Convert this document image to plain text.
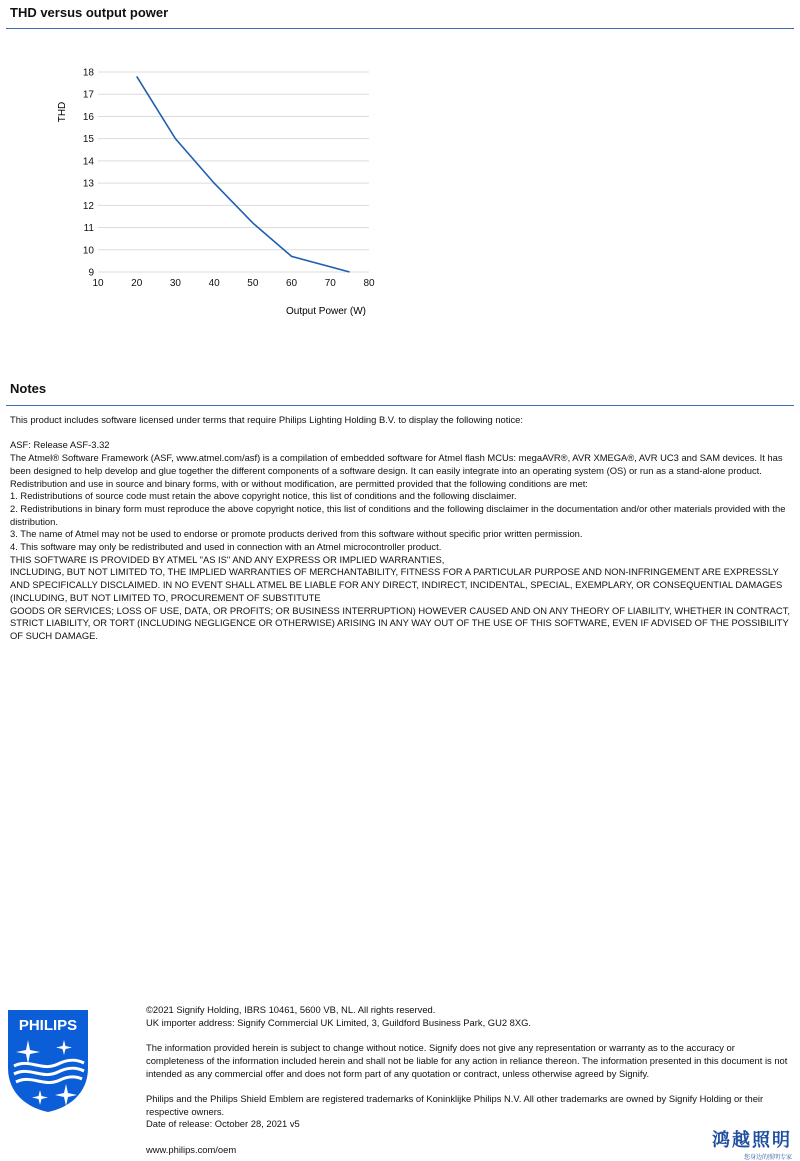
THD versus output power
9
10
11
12
13
14
15
16
17
18
10	20	30	40	50	60	70	80
THD
Output Power (W)
Notes

This product includes software licensed under terms that require Philips Lighting Holding B.V. to display the following notice:

ASF: Release ASF-3.32

The Atmel® Software Framework (ASF, www.atmel.com/asf) is a compilation of embedded software for Atmel flash MCUs: megaAVR®, AVR XMEGA®, AVR UC3 and SAM devices. It has been designed to help develop and glue together the different components of a software design. It can easily integrate into an operating system (OS) or run as a stand-alone product.

Redistribution and use in source and binary forms, with or without modification, are permitted provided that the following conditions are met:

1. Redistributions of source code must retain the above copyright notice, this list of conditions and the following disclaimer.

2. Redistributions in binary form must reproduce the above copyright notice, this list of conditions and the following disclaimer in the documentation and/or other materials provided with the distribution.

3. The name of Atmel may not be used to endorse or promote products derived from this software without specific prior written permission.

4. This software may only be redistributed and used in connection with an Atmel microcontroller product.

THIS SOFTWARE IS PROVIDED BY ATMEL "AS IS" AND ANY EXPRESS OR IMPLIED WARRANTIES,

INCLUDING, BUT NOT LIMITED TO, THE IMPLIED WARRANTIES OF MERCHANTABILITY, FITNESS FOR A PARTICULAR PURPOSE AND NON-INFRINGEMENT ARE EXPRESSLY AND SPECIFICALLY DISCLAIMED. IN NO EVENT SHALL ATMEL BE LIABLE FOR ANY DIRECT, INDIRECT, INCIDENTAL, SPECIAL, EXEMPLARY, OR CONSEQUENTIAL DAMAGES (INCLUDING, BUT NOT LIMITED TO, PROCUREMENT OF SUBSTITUTE

GOODS OR SERVICES; LOSS OF USE, DATA, OR PROFITS; OR BUSINESS INTERRUPTION) HOWEVER CAUSED AND ON ANY THEORY OF LIABILITY, WHETHER IN CONTRACT, STRICT LIABILITY, OR TORT (INCLUDING NEGLIGENCE OR OTHERWISE) ARISING IN ANY WAY OUT OF THE USE OF THIS SOFTWARE, EVEN IF ADVISED OF THE POSSIBILITY OF SUCH DAMAGE.

PHILIPS

©2021 Signify Holding, IBRS 10461, 5600 VB, NL. All rights reserved.

UK importer address: Signify Commercial UK Limited, 3, Guildford Business Park, GU2 8XG.

The information provided herein is subject to change without notice. Signify does not give any representation or warranty as to the accuracy or completeness of the information included herein and shall not be liable for any action in reliance thereon. The information presented in this document is not intended as any commercial offer and does not form part of any quotation or contract, unless otherwise agreed by Signify.

Philips and the Philips Shield Emblem are registered trademarks of Koninklijke Philips N.V. All other trademarks are owned by Signify Holding or their respective owners.

Date of release: October 28, 2021 v5

www.philips.com/oem	鸿越照明
您身边的照明专家
